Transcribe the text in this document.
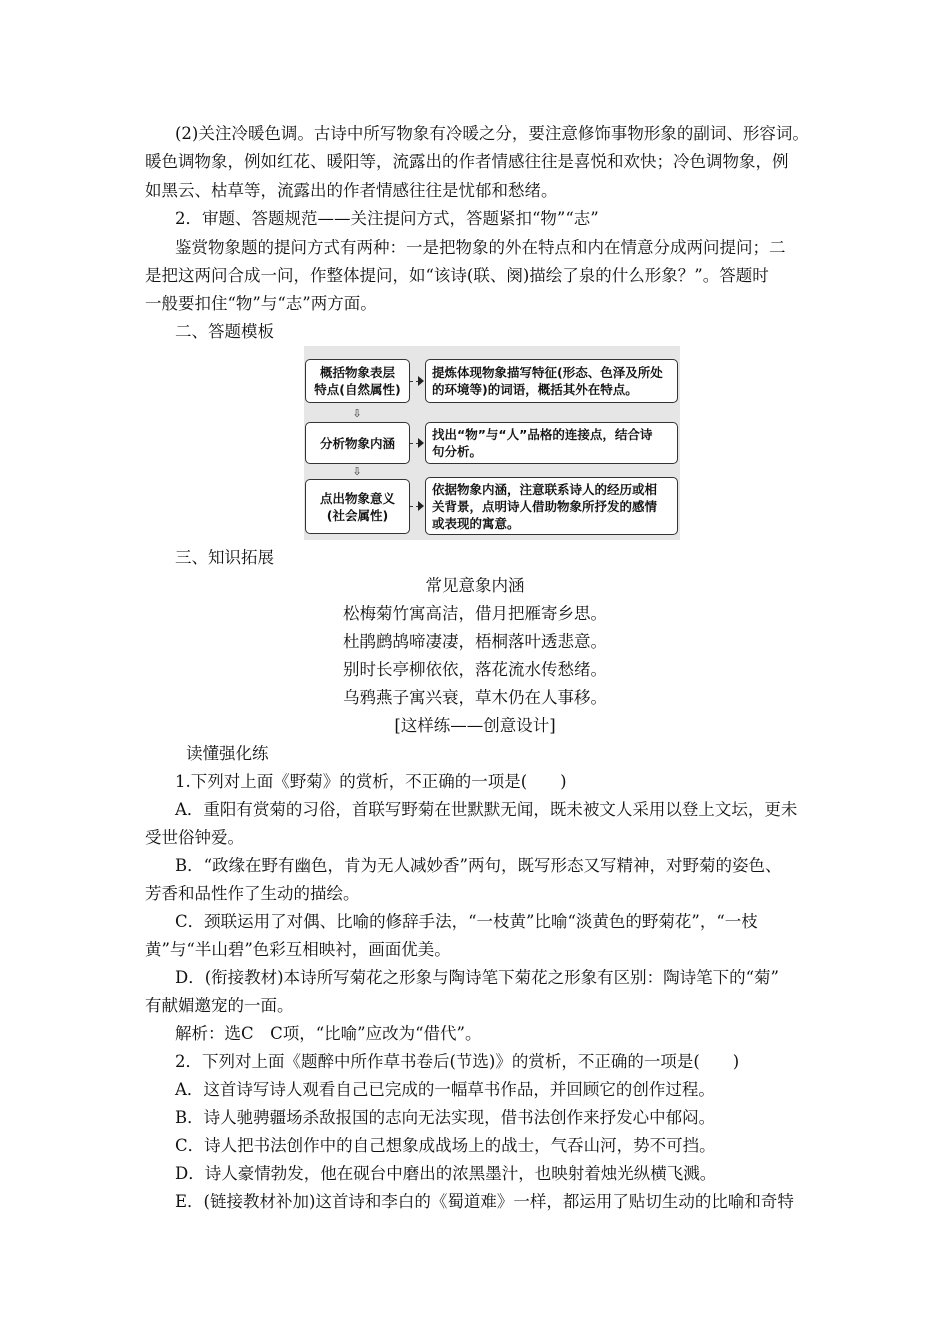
(2)关注冷暖色调。古诗中所写物象有冷暖之分，要注意修饰事物形象的副词、形容词。
暖色调物象，例如红花、暖阳等，流露出的作者情感往往是喜悦和欢快；冷色调物象，例
如黑云、枯草等，流露出的作者情感往往是忧郁和愁绪。
2．审题、答题规范——关注提问方式，答题紧扣“物”“志”
鉴赏物象题的提问方式有两种：一是把物象的外在特点和内在情意分成两问提问；二
是把这两问合成一问，作整体提问，如“该诗(联、阕)描绘了泉的什么形象？”。答题时
一般要扣住“物”与“志”两方面。
二、答题模板
概括物象表层
特点(自然属性)
提炼体现物象描写特征(形态、色泽及所处
的环境等)的词语，概括其外在特点。
⇩
分析物象内涵
找出“物”与“人”品格的连接点，结合诗
句分析。
⇩
点出物象意义
(社会属性)
依据物象内涵，注意联系诗人的经历或相
关背景，点明诗人借助物象所抒发的感情
或表现的寓意。
三、知识拓展
常见意象内涵
松梅菊竹寓高洁，借月把雁寄乡思。
杜鹃鹧鸪啼凄凄，梧桐落叶透悲意。
别时长亭柳依依，落花流水传愁绪。
乌鸦燕子寓兴衰，草木仍在人事移。
[这样练——创意设计]
读懂强化练
1.下列对上面《野菊》的赏析，不正确的一项是(　　)
A．重阳有赏菊的习俗，首联写野菊在世默默无闻，既未被文人采用以登上文坛，更未
受世俗钟爱。
B．“政缘在野有幽色，肯为无人减妙香”两句，既写形态又写精神，对野菊的姿色、
芳香和品性作了生动的描绘。
C．颈联运用了对偶、比喻的修辞手法，“一枝黄”比喻“淡黄色的野菊花”，“一枝
黄”与“半山碧”色彩互相映衬，画面优美。
D．(衔接教材)本诗所写菊花之形象与陶诗笔下菊花之形象有区别：陶诗笔下的“菊”
有献媚邀宠的一面。
解析：选C　C项，“比喻”应改为“借代”。
2．下列对上面《题醉中所作草书卷后(节选)》的赏析，不正确的一项是(　　)
A．这首诗写诗人观看自己已完成的一幅草书作品，并回顾它的创作过程。
B．诗人驰骋疆场杀敌报国的志向无法实现，借书法创作来抒发心中郁闷。
C．诗人把书法创作中的自己想象成战场上的战士，气吞山河，势不可挡。
D．诗人豪情勃发，他在砚台中磨出的浓黑墨汁，也映射着烛光纵横飞溅。
E．(链接教材补加)这首诗和李白的《蜀道难》一样，都运用了贴切生动的比喻和奇特
